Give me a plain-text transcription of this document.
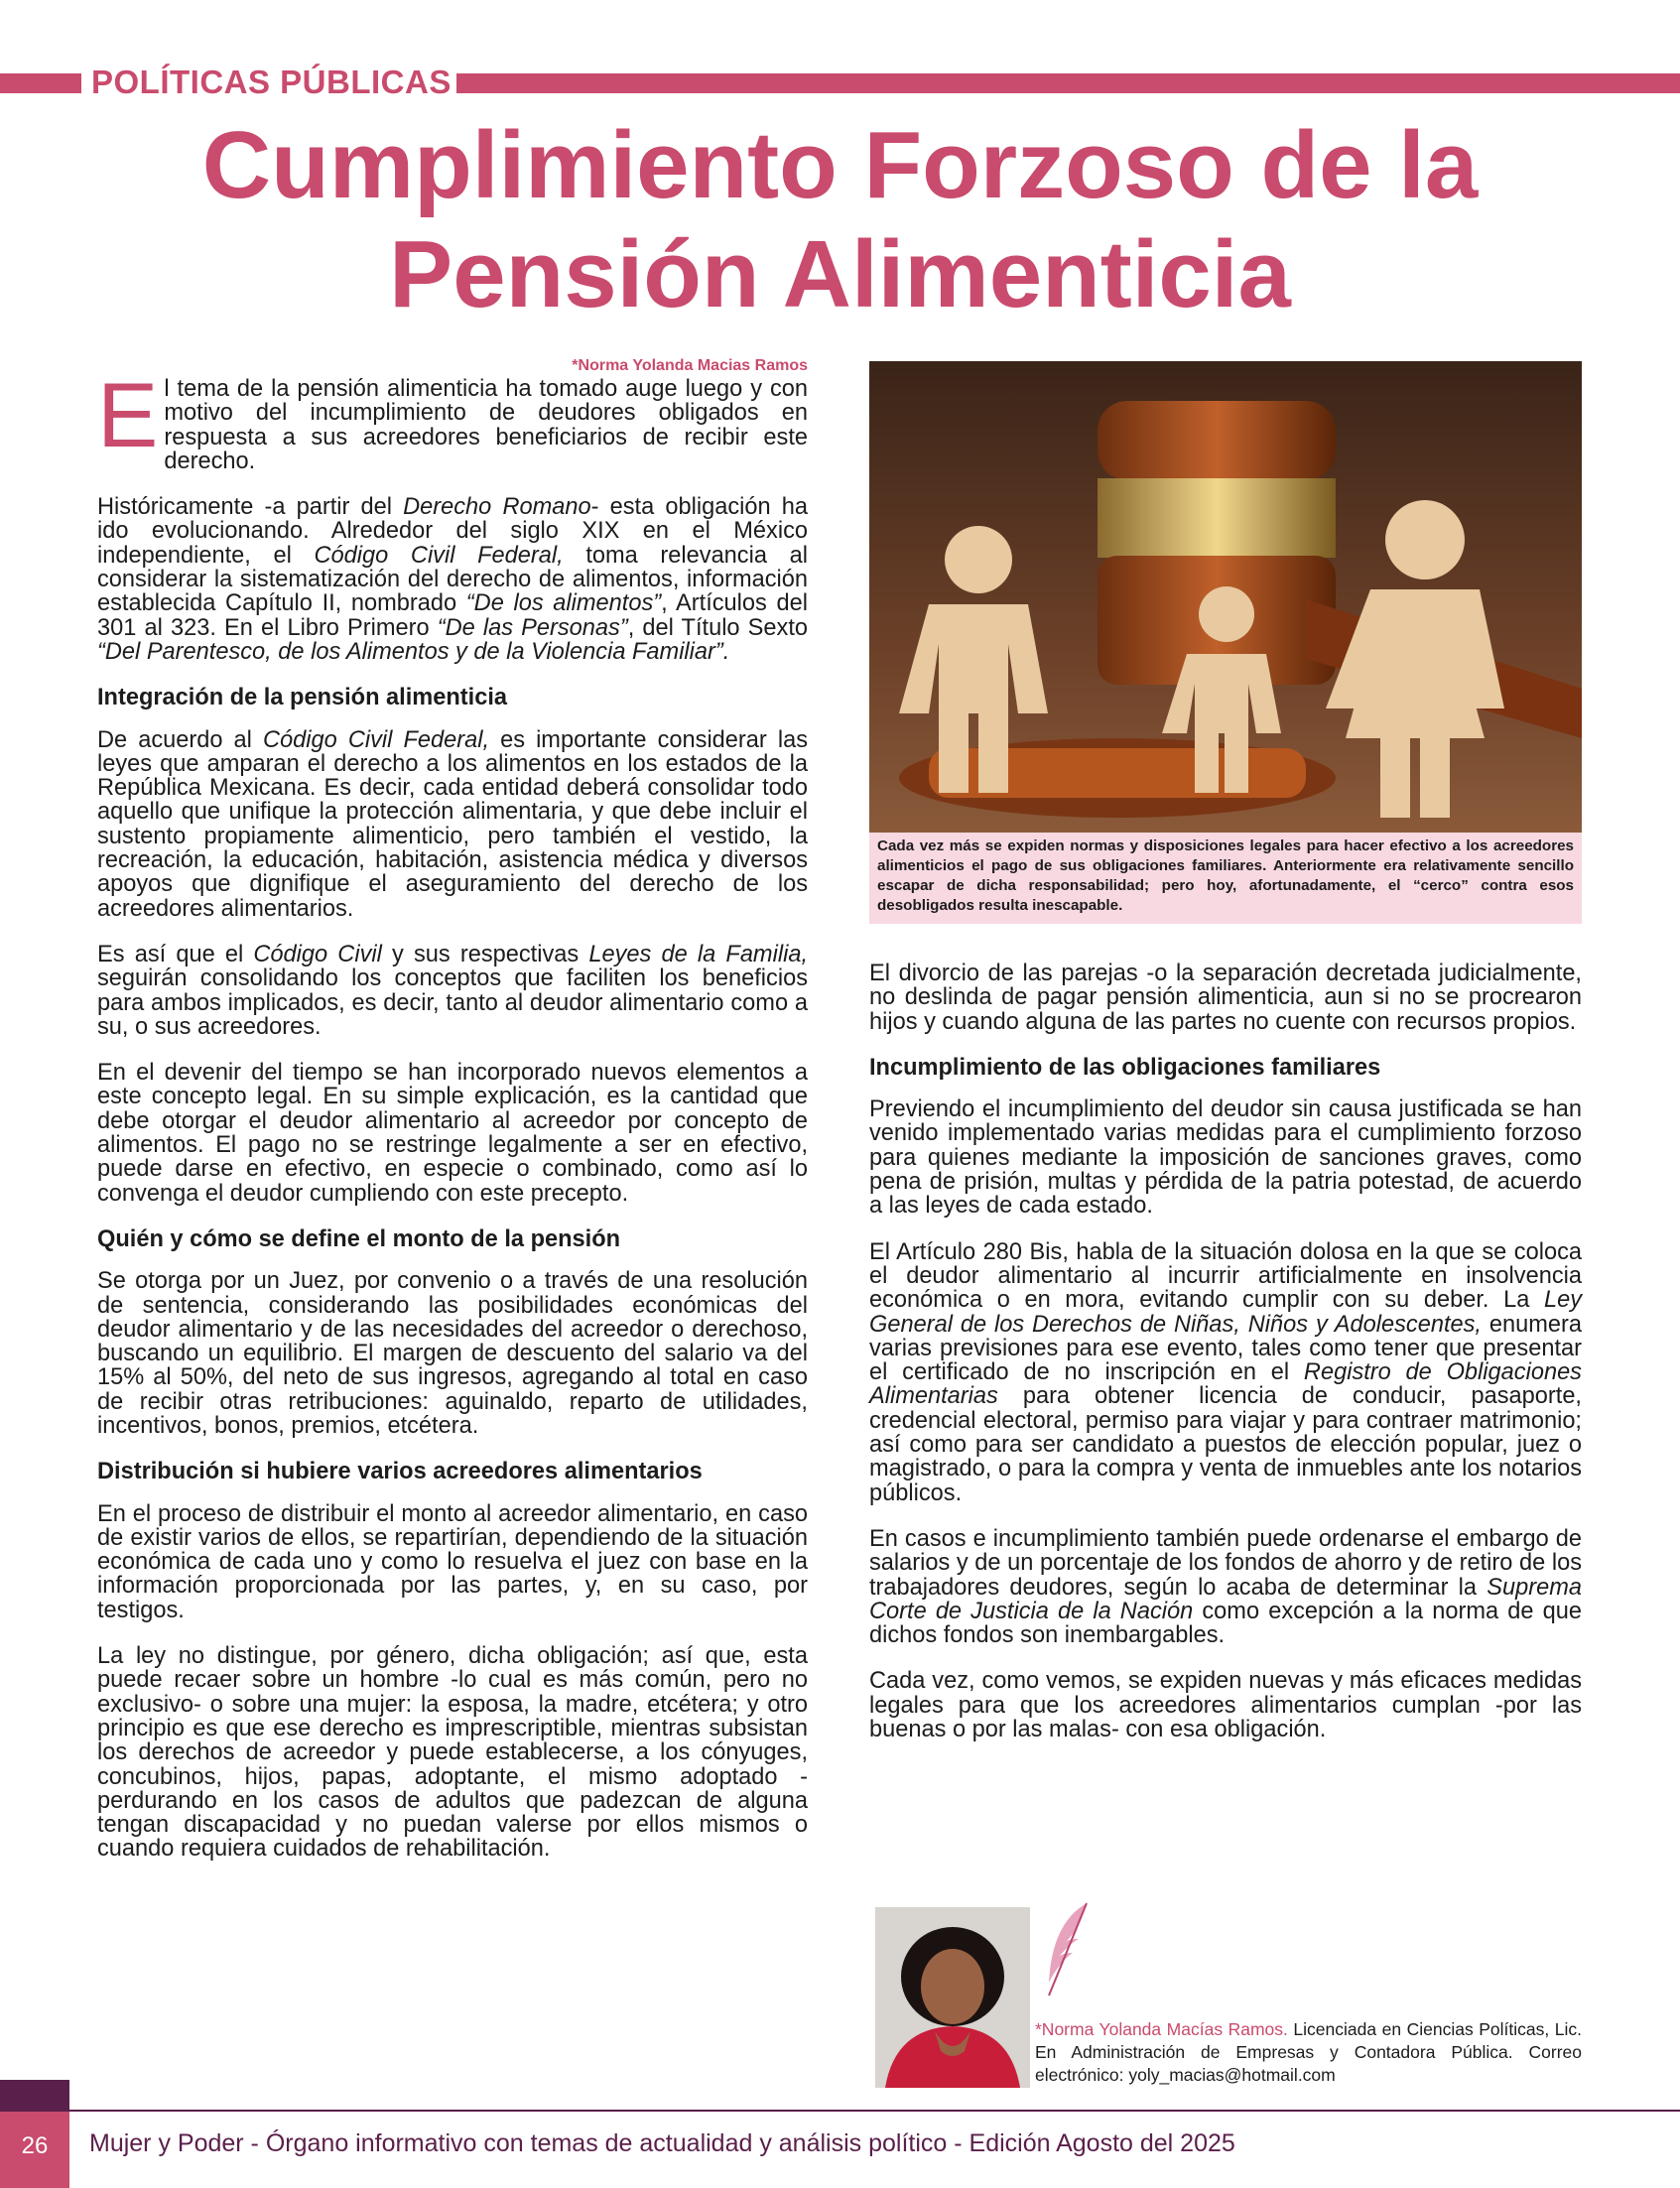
POLÍTICAS PÚBLICAS
Cumplimiento Forzoso de la
Pensión Alimenticia
*Norma Yolanda Macias Ramos

El tema de la pensión alimenticia ha tomado auge luego y con motivo del incumplimiento de deudores obligados en respuesta a sus acreedores beneficiarios de recibir este derecho.

Históricamente -a partir del Derecho Romano- esta obligación ha ido evolucionando. Alrededor del siglo XIX en el México independiente, el Código Civil Federal, toma relevancia al considerar la sistematización del derecho de alimentos, información establecida Capítulo II, nombrado “De los alimentos”, Artículos del 301 al 323. En el Libro Primero “De las Personas”, del Título Sexto “Del Parentesco, de los Alimentos y de la Violencia Familiar”.

Integración de la pensión alimenticia

De acuerdo al Código Civil Federal, es importante considerar las leyes que amparan el derecho a los alimentos en los estados de la República Mexicana. Es decir, cada entidad deberá consolidar todo aquello que unifique la protección alimentaria, y que debe incluir el sustento propiamente alimenticio, pero también el vestido, la recreación, la educación, habitación, asistencia médica y diversos apoyos que dignifique el aseguramiento del derecho de los acreedores alimentarios.

Es así que el Código Civil y sus respectivas Leyes de la Familia, seguirán consolidando los conceptos que faciliten los beneficios para ambos implicados, es decir, tanto al deudor alimentario como a su, o sus acreedores.

En el devenir del tiempo se han incorporado nuevos elementos a este concepto legal. En su simple explicación, es la cantidad que debe otorgar el deudor alimentario al acreedor por concepto de alimentos. El pago no se restringe legalmente a ser en efectivo, puede darse en efectivo, en especie o combinado, como así lo convenga el deudor cumpliendo con este precepto.

Quién y cómo se define el monto de la pensión

Se otorga por un Juez, por convenio o a través de una resolución de sentencia, considerando las posibilidades económicas del deudor alimentario y de las necesidades del acreedor o derechoso, buscando un equilibrio. El margen de descuento del salario va del 15% al 50%, del neto de sus ingresos, agregando al total en caso de recibir otras retribuciones: aguinaldo, reparto de utilidades, incentivos, bonos, premios, etcétera.

Distribución si hubiere varios acreedores alimentarios

En el proceso de distribuir el monto al acreedor alimentario, en caso de existir varios de ellos, se repartirían, dependiendo de la situación económica de cada uno y como lo resuelva el juez con base en la información proporcionada por las partes, y, en su caso, por testigos.

La ley no distingue, por género, dicha obligación; así que, esta puede recaer sobre un hombre -lo cual es más común, pero no exclusivo- o sobre una mujer: la esposa, la madre, etcétera; y otro principio es que ese derecho es imprescriptible, mientras subsistan los derechos de acreedor y puede establecerse, a los cónyuges, concubinos, hijos, papas, adoptante, el mismo adoptado -perdurando en los casos de adultos que padezcan de alguna tengan discapacidad y no puedan valerse por ellos mismos o cuando requiera cuidados de rehabilitación.

Cada vez más se expiden normas y disposiciones legales para hacer efectivo a los acreedores alimenticios el pago de sus obligaciones familiares. Anteriormente era relativamente sencillo escapar de dicha responsabilidad; pero hoy, afortunadamente, el “cerco” contra esos desobligados resulta inescapable.

El divorcio de las parejas -o la separación decretada judicialmente, no deslinda de pagar pensión alimenticia, aun si no se procrearon hijos y cuando alguna de las partes no cuente con recursos propios.

Incumplimiento de las obligaciones familiares

Previendo el incumplimiento del deudor sin causa justificada se han venido implementado varias medidas para el cumplimiento forzoso para quienes mediante la imposición de sanciones graves, como pena de prisión, multas y pérdida de la patria potestad, de acuerdo a las leyes de cada estado.

El Artículo 280 Bis, habla de la situación dolosa en la que se coloca el deudor alimentario al incurrir artificialmente en insolvencia económica o en mora, evitando cumplir con su deber. La Ley General de los Derechos de Niñas, Niños y Adolescentes, enumera varias previsiones para ese evento, tales como tener que presentar el certificado de no inscripción en el Registro de Obligaciones Alimentarias para obtener licencia de conducir, pasaporte, credencial electoral, permiso para viajar y para contraer matrimonio; así como para ser candidato a puestos de elección popular, juez o magistrado, o para la compra y venta de inmuebles ante los notarios públicos.

En casos e incumplimiento también puede ordenarse el embargo de salarios y de un porcentaje de los fondos de ahorro y de retiro de los trabajadores deudores, según lo acaba de determinar la Suprema Corte de Justicia de la Nación como excepción a la norma de que dichos fondos son inembargables.

Cada vez, como vemos, se expiden nuevas y más eficaces medidas legales para que los acreedores alimentarios cumplan -por las buenas o por las malas- con esa obligación.

*Norma Yolanda Macías Ramos. Licenciada en Ciencias Políticas, Lic. En Administración de Empresas y Contadora Pública. Correo electrónico: yoly_macias@hotmail.com
26	Mujer y Poder - Órgano informativo con temas de actualidad y análisis político - Edición Agosto del 2025
